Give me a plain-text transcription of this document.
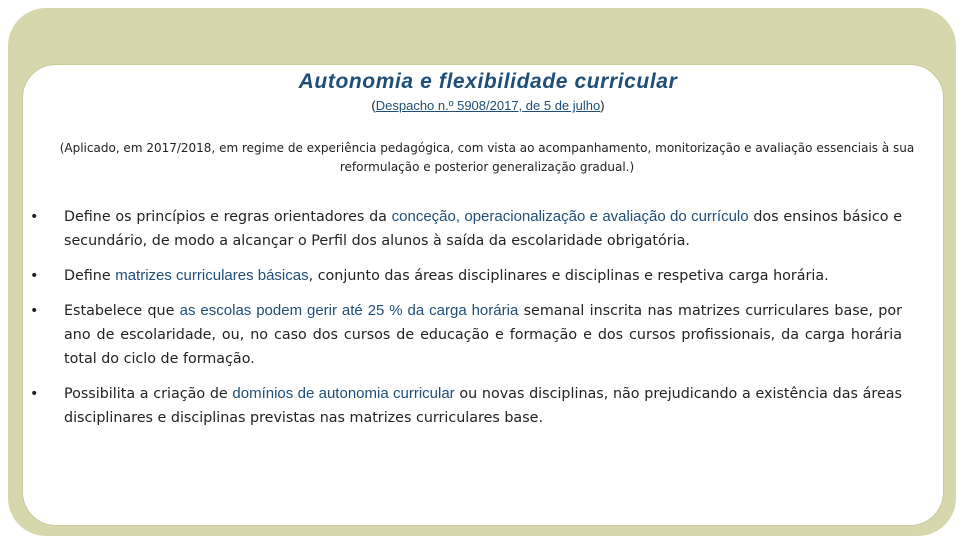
Autonomia e flexibilidade curricular
(Despacho n.º 5908/2017, de 5 de julho)
(Aplicado, em 2017/2018, em regime de experiência pedagógica, com vista ao acompanhamento, monitorização e avaliação essenciais à sua reformulação e posterior generalização gradual.)
•	Define os princípios e regras orientadores da conceção, operacionalização e avaliação do currículo dos ensinos básico e secundário, de modo a alcançar o Perfil dos alunos à saída da escolaridade obrigatória.
•	Define matrizes curriculares básicas, conjunto das áreas disciplinares e disciplinas e respetiva carga horária.
•	Estabelece que as escolas podem gerir até 25 % da carga horária semanal inscrita nas matrizes curriculares base, por ano de escolaridade, ou, no caso dos cursos de educação e formação e dos cursos profissionais, da carga horária total do ciclo de formação.
•	Possibilita a criação de domínios de autonomia curricular ou novas disciplinas, não prejudicando a existência das áreas disciplinares e disciplinas previstas nas matrizes curriculares base.
